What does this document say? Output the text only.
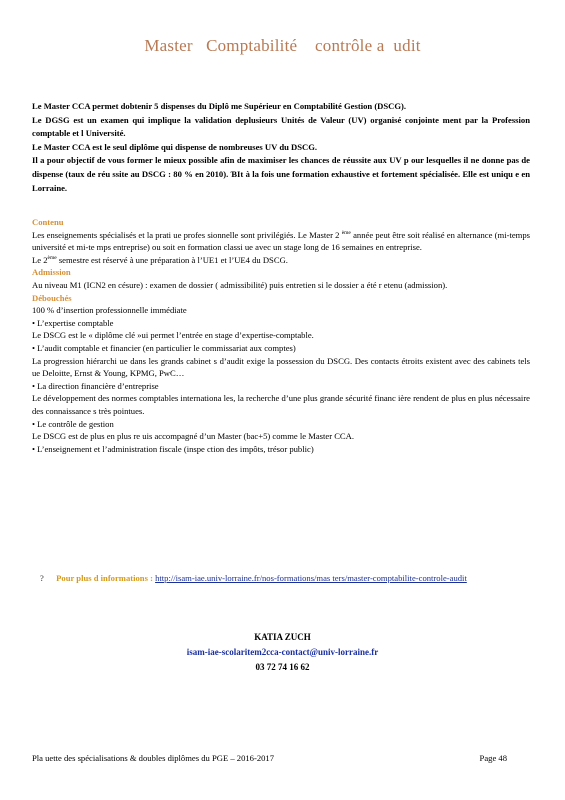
Master   Comptabilité    contrôle a  udit

Le Master CCA permet dobtenir 5 dispenses du Diplô me Supérieur en Comptabilité Gestion (DSCG).

Le DGSG est un examen qui implique la validation deplusieurs Unités de Valeur (UV) organisé conjointe ment par la Profession comptable et l Université.

Le Master CCA est le seul diplôme qui dispense de nombreuses UV du DSCG.

Il a pour objectif de vous former le mieux possible afin de maximiser les chances de réussite aux UV p our lesquelles il ne donne pas de dispense (taux de réu ssite au DSCG : 80 % en 2010). ƁIt à la fois une formation exhaustive et fortement spécialisée. Elle est uniqu e en Lorraine.

Contenu

Les enseignements spécialisés et la prati ue profes sionnelle sont privilégiés. Le Master 2 $^{ème}$ année peut être soit réalisé en alternance (mi-temps université et mi-te mps entreprise) ou soit en formation classi ue avec un stage long de 16 semaines en entreprise.

Le 2ème semestre est réservé à une préparation à l’UE1 et l’UE4 du DSCG.

Admission

Au niveau M1 (ICN2 en césure) : examen de dossier ( admissibilité) puis entretien si le dossier a été r etenu (admission).

Débouchés

100 % d’insertion professionnelle immédiate

• L’expertise comptable

Le DSCG est le « diplôme clé »ui permet l’entrée en stage d’expertise-comptable.

• L’audit comptable et financier (en particulier le commissariat aux comptes)

La progression hiérarchi ue dans les grands cabinet s d’audit exige la possession du DSCG. Des contacts étroits existent avec des cabinets tels ue Deloitte, Ernst & Young, KPMG, PwC…

• La direction financière d’entreprise

Le développement des normes comptables internationa les, la recherche d’une plus grande sécurité financ ière rendent de plus en plus nécessaire des connaissance s très pointues.

• Le contrôle de gestion

Le DSCG est de plus en plus re uis accompagné d’un Master (bac+5) comme le Master CCA.

• L’enseignement et l’administration fiscale (inspe ction des impôts, trésor public)

? Pour plus d informations : http://isam-iae.univ-lorraine.fr/nos-formations/mas ters/master-comptabilite-controle-audit
KATIA ZUCH
isam-iae-scolaritem2cca-contact@univ-lorraine.fr
03 72 74 16 62
Pla uette des spécialisations & doubles diplômes du PGE – 2016-2017	Page 48
